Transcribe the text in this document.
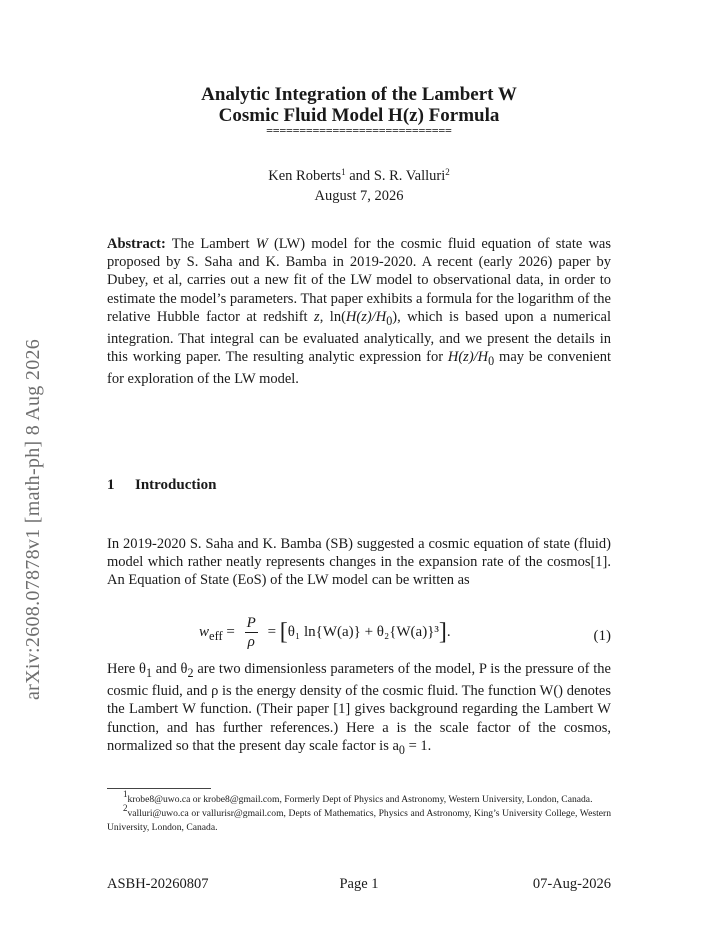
arXiv:2608.07878v1 [math-ph] 8 Aug 2026
Analytic Integration of the Lambert W
Cosmic Fluid Model H(z) Formula
============================
Ken Roberts$^1$ and S. R. Valluri$^2$
August 7, 2026
Abstract: The Lambert W (LW) model for the cosmic fluid equation of state was proposed by S. Saha and K. Bamba in 2019-2020. A recent (early 2026) paper by Dubey, et al, carries out a new fit of the LW model to observational data, in order to estimate the model’s parameters. That paper exhibits a formula for the logarithm of the relative Hubble factor at redshift z, $\ln(H(z)/H_0)$, which is based upon a numerical integration. That integral can be evaluated analytically, and we present the details in this working paper. The resulting analytic expression for $H(z)/H_0$ may be convenient for exploration of the LW model.
1 Introduction
In 2019-2020 S. Saha and K. Bamba (SB) suggested a cosmic equation of state (fluid) model which rather neatly represents changes in the expansion rate of the cosmos[1]. An Equation of State (EoS) of the LW model can be written as
$w_{eff} = \frac{P}{\rho} = [\theta_1$ ln{W(a)} + θ₂{W(a)}³].	(1)
Here $\theta_1$ and $\theta_2$ are two dimensionless parameters of the model, P is the pressure of the cosmic fluid, and ρ is the energy density of the cosmic fluid. The function W() denotes the Lambert W function. (Their paper [1] gives background regarding the Lambert W function, and has further references.) Here a is the scale factor of the cosmos, normalized so that the present day scale factor is $a_0 = 1$.

$^1$krobe8@uwo.ca or krobe8@gmail.com, Formerly Dept of Physics and Astronomy, Western University, London, Canada.

$^2$valluri@uwo.ca or vallurisr@gmail.com, Depts of Mathematics, Physics and Astronomy, King’s University College, Western University, London, Canada.

ASBH-20260807	Page 1	07-Aug-2026
